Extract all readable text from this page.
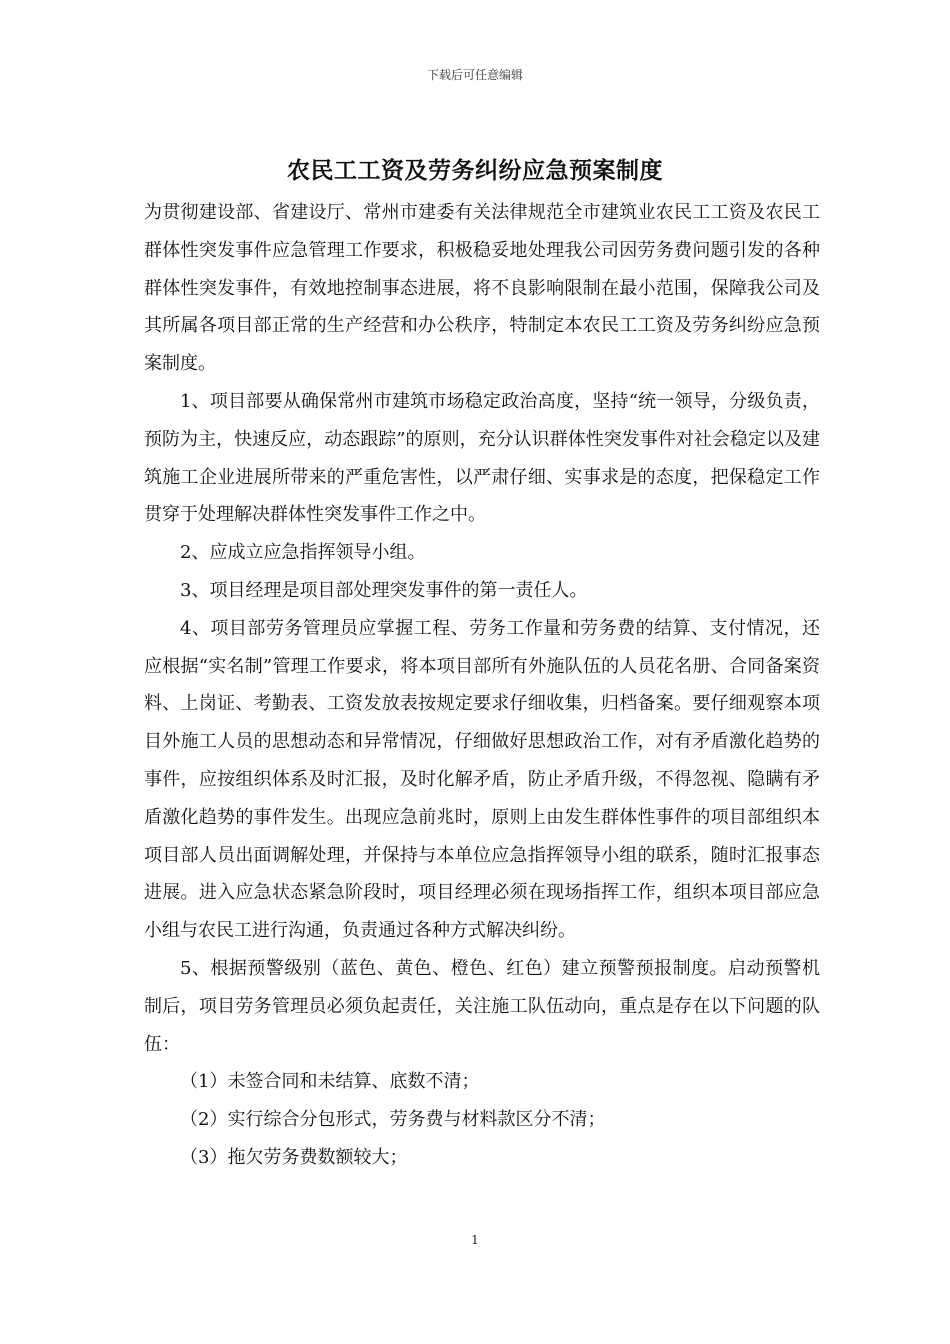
下载后可任意编辑
农民工工资及劳务纠纷应急预案制度

为贯彻建设部、省建设厅、常州市建委有关法律规范全市建筑业农民工工资及农民工群体性突发事件应急管理工作要求，积极稳妥地处理我公司因劳务费问题引发的各种群体性突发事件，有效地控制事态进展，将不良影响限制在最小范围，保障我公司及其所属各项目部正常的生产经营和办公秩序，特制定本农民工工资及劳务纠纷应急预案制度。

1、项目部要从确保常州市建筑市场稳定政治高度，坚持“统一领导，分级负责，预防为主，快速反应，动态跟踪”的原则，充分认识群体性突发事件对社会稳定以及建筑施工企业进展所带来的严重危害性，以严肃仔细、实事求是的态度，把保稳定工作贯穿于处理解决群体性突发事件工作之中。

2、应成立应急指挥领导小组。

3、项目经理是项目部处理突发事件的第一责任人。

4、项目部劳务管理员应掌握工程、劳务工作量和劳务费的结算、支付情况，还应根据“实名制”管理工作要求，将本项目部所有外施队伍的人员花名册、合同备案资料、上岗证、考勤表、工资发放表按规定要求仔细收集，归档备案。要仔细观察本项目外施工人员的思想动态和异常情况，仔细做好思想政治工作，对有矛盾激化趋势的事件，应按组织体系及时汇报，及时化解矛盾，防止矛盾升级，不得忽视、隐瞒有矛盾激化趋势的事件发生。出现应急前兆时，原则上由发生群体性事件的项目部组织本项目部人员出面调解处理，并保持与本单位应急指挥领导小组的联系，随时汇报事态进展。进入应急状态紧急阶段时，项目经理必须在现场指挥工作，组织本项目部应急小组与农民工进行沟通，负责通过各种方式解决纠纷。

5、根据预警级别（蓝色、黄色、橙色、红色）建立预警预报制度。启动预警机制后，项目劳务管理员必须负起责任，关注施工队伍动向，重点是存在以下问题的队伍：

（1）未签合同和未结算、底数不清；

（2）实行综合分包形式，劳务费与材料款区分不清；

（3）拖欠劳务费数额较大；

1
